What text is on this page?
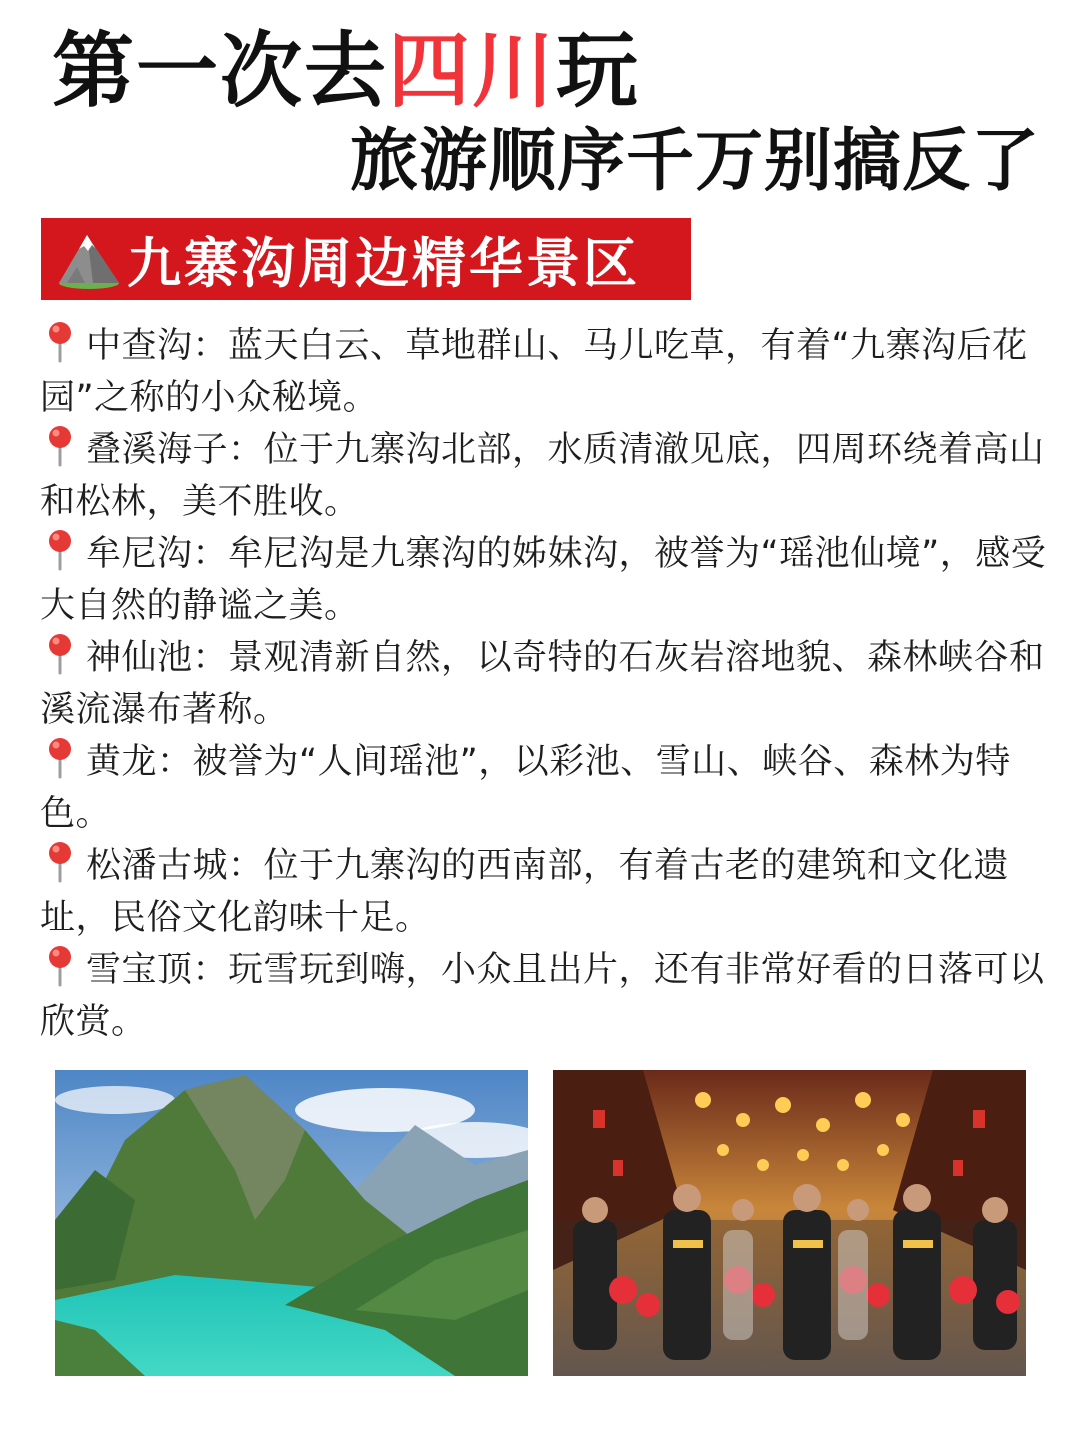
第一次去四川玩
旅游顺序千万别搞反了
九寨沟周边精华景区
中查沟：蓝天白云、草地群山、马儿吃草，有着“九寨沟后花园”之称的小众秘境。
叠溪海子：位于九寨沟北部，水质清澈见底，四周环绕着高山和松林，美不胜收。
牟尼沟：牟尼沟是九寨沟的姊妹沟，被誉为“瑶池仙境”，感受大自然的静谧之美。
神仙池：景观清新自然，以奇特的石灰岩溶地貌、森林峡谷和溪流瀑布著称。
黄龙：被誉为“人间瑶池”，以彩池、雪山、峡谷、森林为特色。
松潘古城：位于九寨沟的西南部，有着古老的建筑和文化遗址，民俗文化韵味十足。
雪宝顶：玩雪玩到嗨，小众且出片，还有非常好看的日落可以欣赏。
